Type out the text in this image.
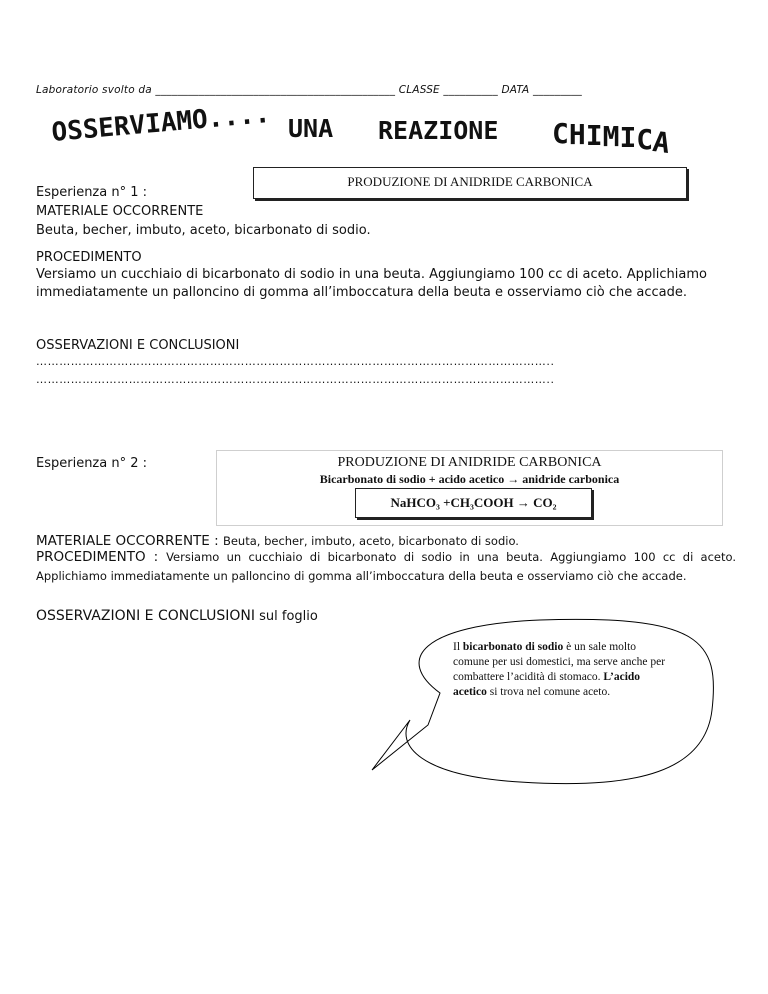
Laboratorio svolto da ____________________________________________ CLASSE __________ DATA _________
OSSERVIAMO.... UNA REAZIONE CHIMICA
PRODUZIONE DI ANIDRIDE CARBONICA
Esperienza n° 1 :
MATERIALE OCCORRENTE
Beuta, becher, imbuto, aceto, bicarbonato di sodio.
PROCEDIMENTO
Versiamo un cucchiaio di bicarbonato di sodio in una beuta. Aggiungiamo 100 cc di aceto. Applichiamo immediatamente un palloncino di gomma all’imboccatura della beuta e osserviamo ciò che accade.
OSSERVAZIONI E CONCLUSIONI
……………………………………………………………………………………………………………………..
……………………………………………………………………………………………………………………..
Esperienza n° 2 :	PRODUZIONE DI ANIDRIDE CARBONICA
Bicarbonato di sodio + acido acetico → anidride carbonica
NaHCO₃ +CH₃COOH → CO₂
MATERIALE OCCORRENTE : Beuta, becher, imbuto, aceto, bicarbonato di sodio.
PROCEDIMENTO : Versiamo un cucchiaio di bicarbonato di sodio in una beuta. Aggiungiamo 100 cc di aceto. Applichiamo immediatamente un palloncino di gomma all’imboccatura della beuta e osserviamo ciò che accade.
OSSERVAZIONI E CONCLUSIONI sul foglio
Il bicarbonato di sodio è un sale molto comune per usi domestici, ma serve anche per combattere l’acidità di stomaco. L’acido acetico si trova nel comune aceto.
